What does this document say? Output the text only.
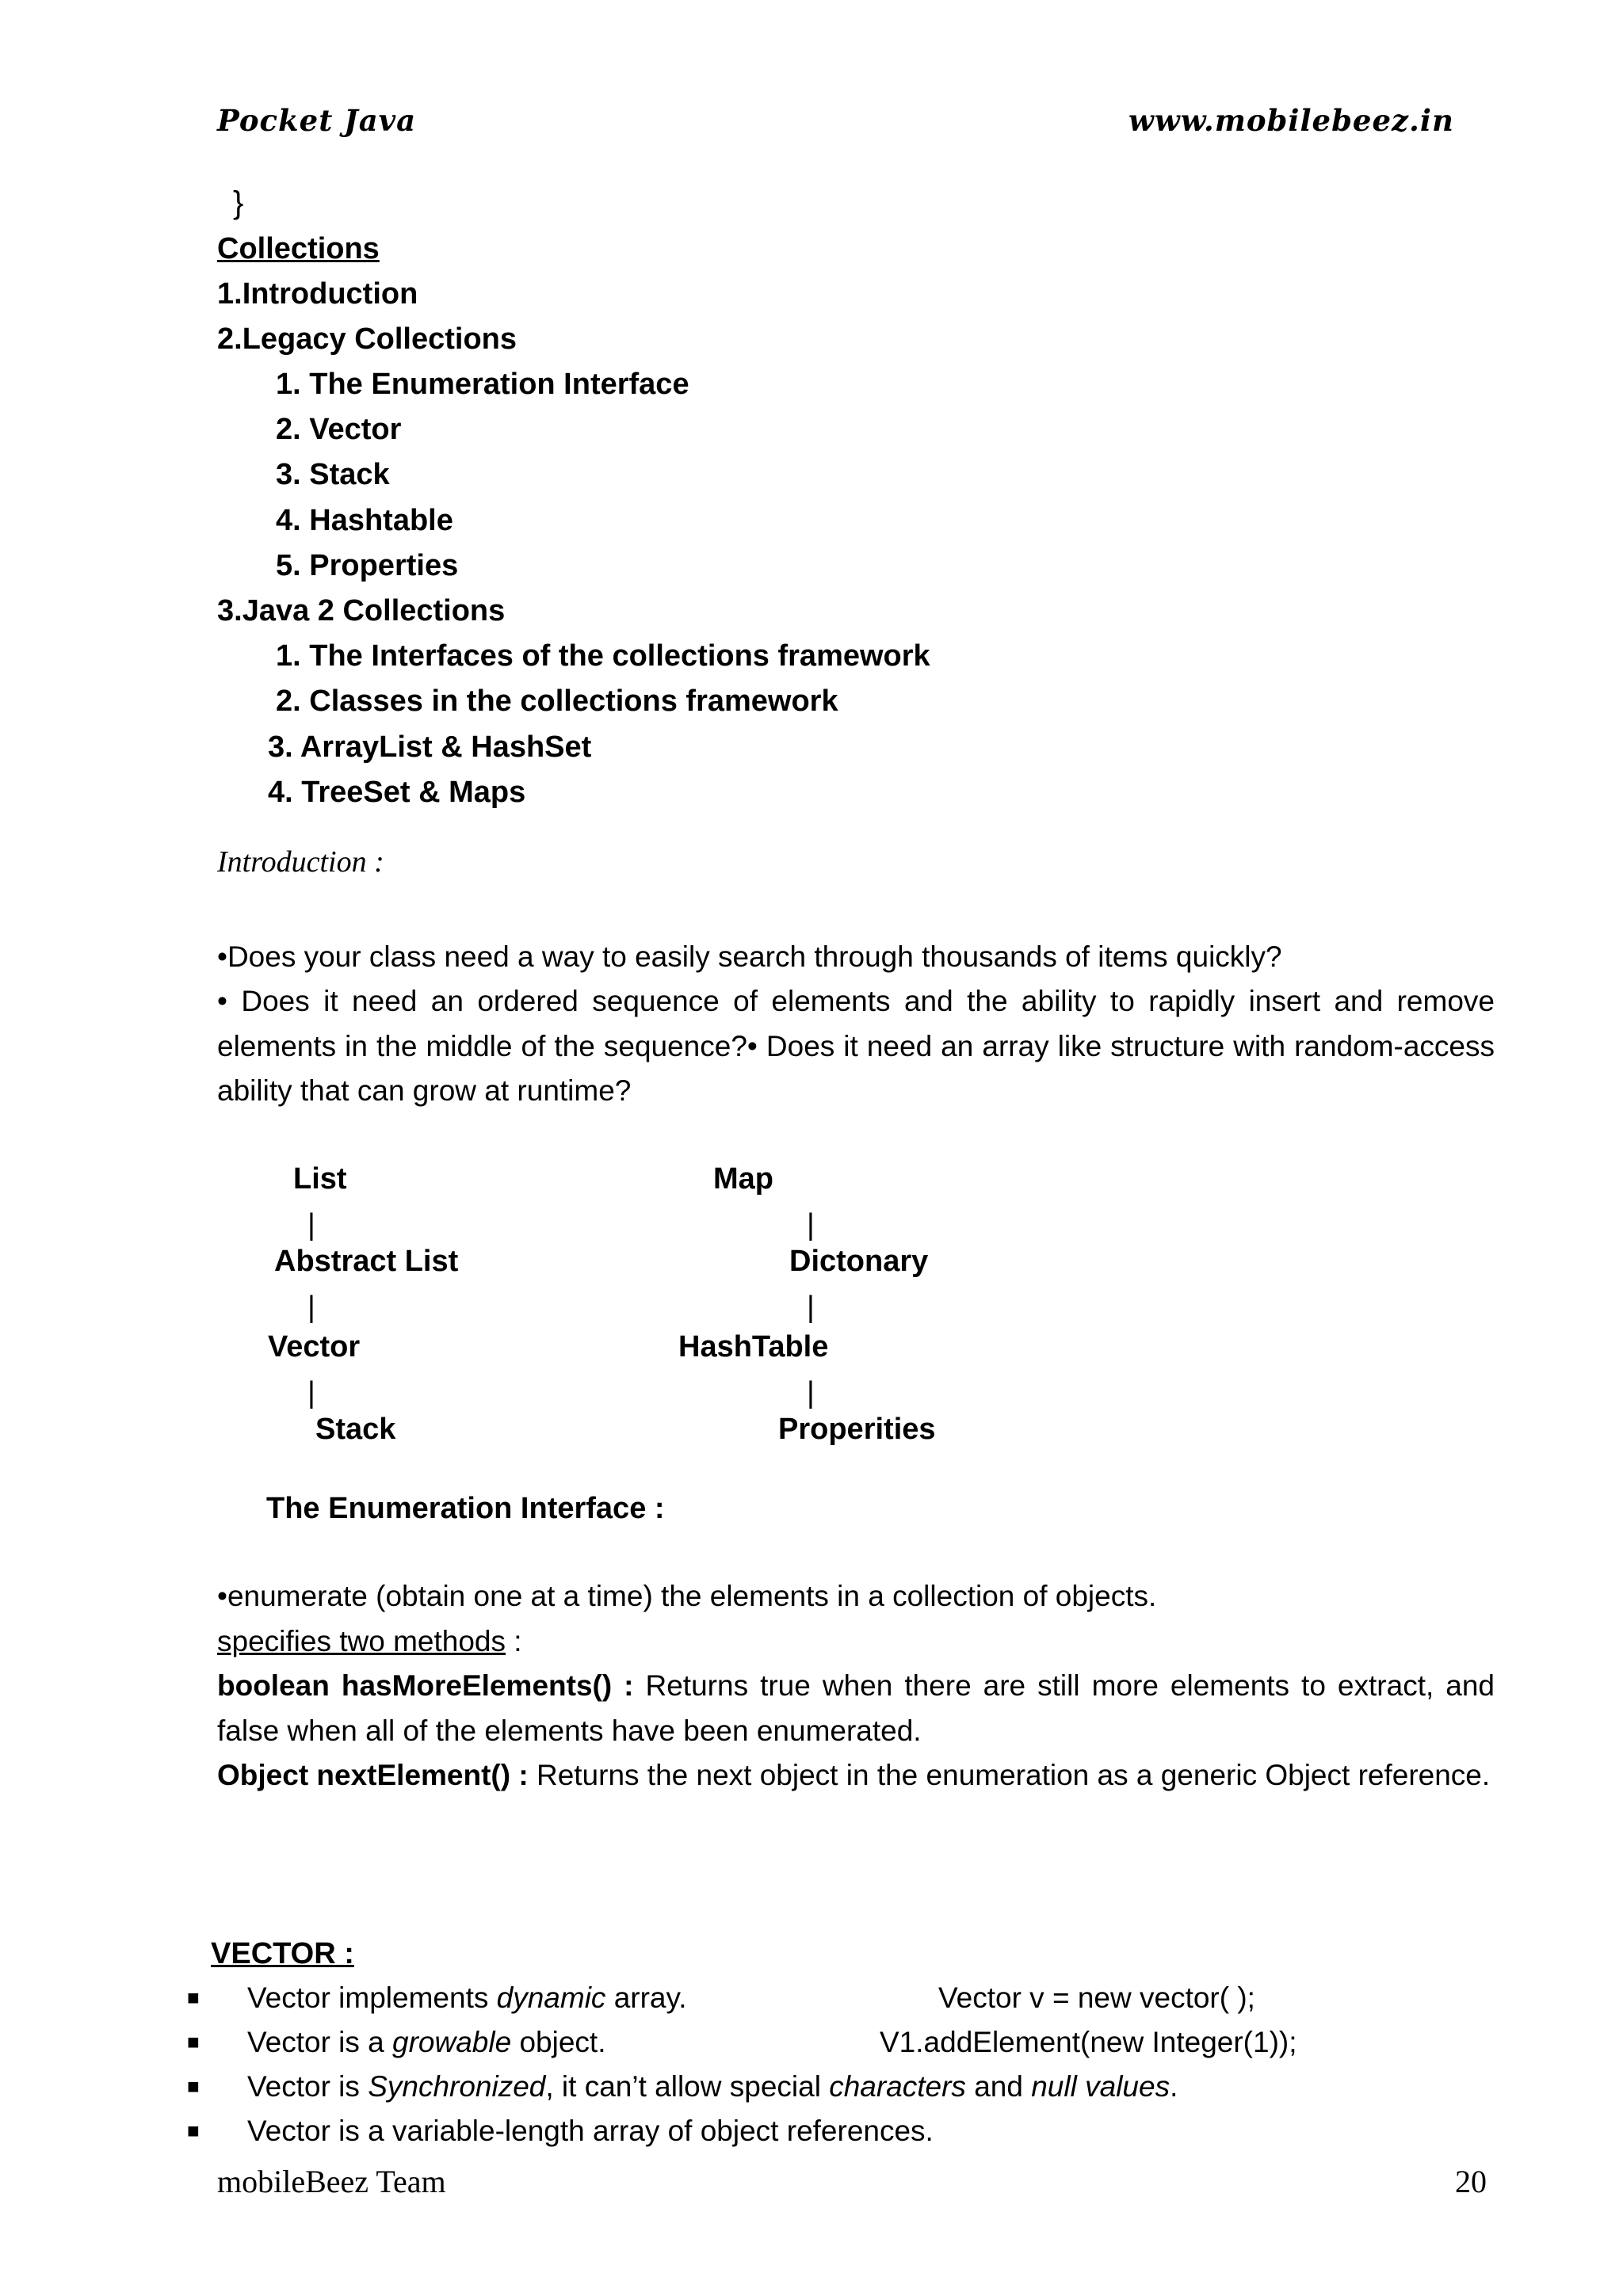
Pocket Java	www.mobilebeez.in
}
Collections
1.Introduction
2.Legacy Collections
1. The Enumeration Interface
2. Vector
3. Stack
4. Hashtable
5. Properties
3.Java 2 Collections
1. The Interfaces of the collections framework
2. Classes in the collections framework
3. ArrayList & HashSet
4. TreeSet & Maps
Introduction :

•Does your class need a way to easily search through thousands of items quickly?

• Does it need an ordered sequence of elements and the ability to rapidly insert and remove elements in the middle of the sequence?• Does it need an array like structure with random-access ability that can grow at runtime?

List
|
Abstract List
|
Vector
|
Stack
Map
|
Dictonary
|
HashTable
|
Properities
The Enumeration Interface :

•enumerate (obtain one at a time) the elements in a collection of objects.

specifies two methods :

boolean hasMoreElements() : Returns true when there are still more elements to extract, and false when all of the elements have been enumerated.

Object nextElement() : Returns the next object in the enumeration as a generic Object reference.

VECTOR :
■ Vector implements dynamic array.
■ Vector is a growable object.
■ Vector is Synchronized, it can’t allow special characters and null values.
■ Vector is a variable-length array of object references.
Vector v = new vector( );
V1.addElement(new Integer(1));
mobileBeez Team	20
